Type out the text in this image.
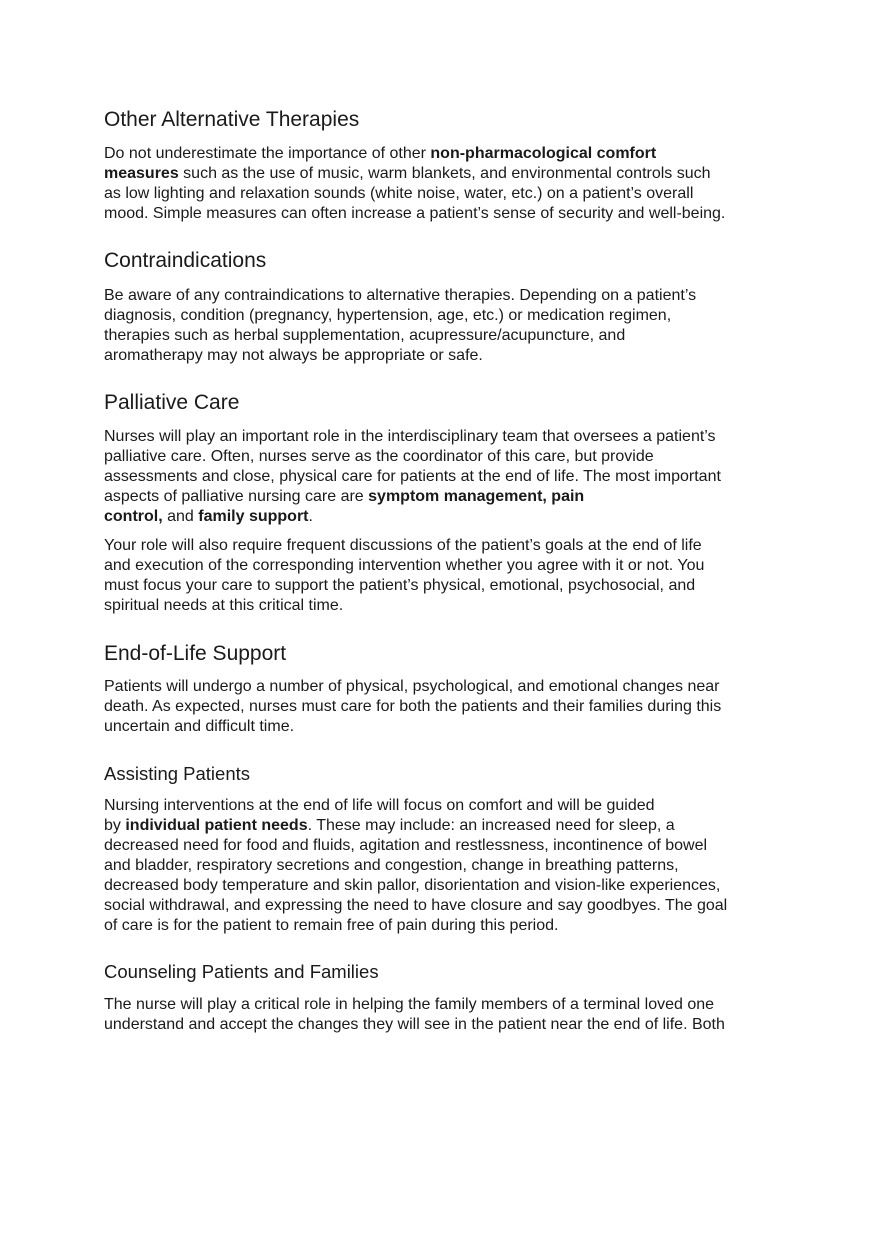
Other Alternative Therapies
Do not underestimate the importance of other non-pharmacological comfort
measures such as the use of music, warm blankets, and environmental controls such
as low lighting and relaxation sounds (white noise, water, etc.) on a patient’s overall
mood. Simple measures can often increase a patient’s sense of security and well-being.
Contraindications
Be aware of any contraindications to alternative therapies. Depending on a patient’s
diagnosis, condition (pregnancy, hypertension, age, etc.) or medication regimen,
therapies such as herbal supplementation, acupressure/acupuncture, and
aromatherapy may not always be appropriate or safe.
Palliative Care
Nurses will play an important role in the interdisciplinary team that oversees a patient’s
palliative care. Often, nurses serve as the coordinator of this care, but provide
assessments and close, physical care for patients at the end of life. The most important
aspects of palliative nursing care are symptom management, pain
control, and family support.
Your role will also require frequent discussions of the patient’s goals at the end of life
and execution of the corresponding intervention whether you agree with it or not. You
must focus your care to support the patient’s physical, emotional, psychosocial, and
spiritual needs at this critical time.
End-of-Life Support
Patients will undergo a number of physical, psychological, and emotional changes near
death. As expected, nurses must care for both the patients and their families during this
uncertain and difficult time.
Assisting Patients
Nursing interventions at the end of life will focus on comfort and will be guided
by individual patient needs. These may include: an increased need for sleep, a
decreased need for food and fluids, agitation and restlessness, incontinence of bowel
and bladder, respiratory secretions and congestion, change in breathing patterns,
decreased body temperature and skin pallor, disorientation and vision-like experiences,
social withdrawal, and expressing the need to have closure and say goodbyes. The goal
of care is for the patient to remain free of pain during this period.
Counseling Patients and Families
The nurse will play a critical role in helping the family members of a terminal loved one
understand and accept the changes they will see in the patient near the end of life. Both
